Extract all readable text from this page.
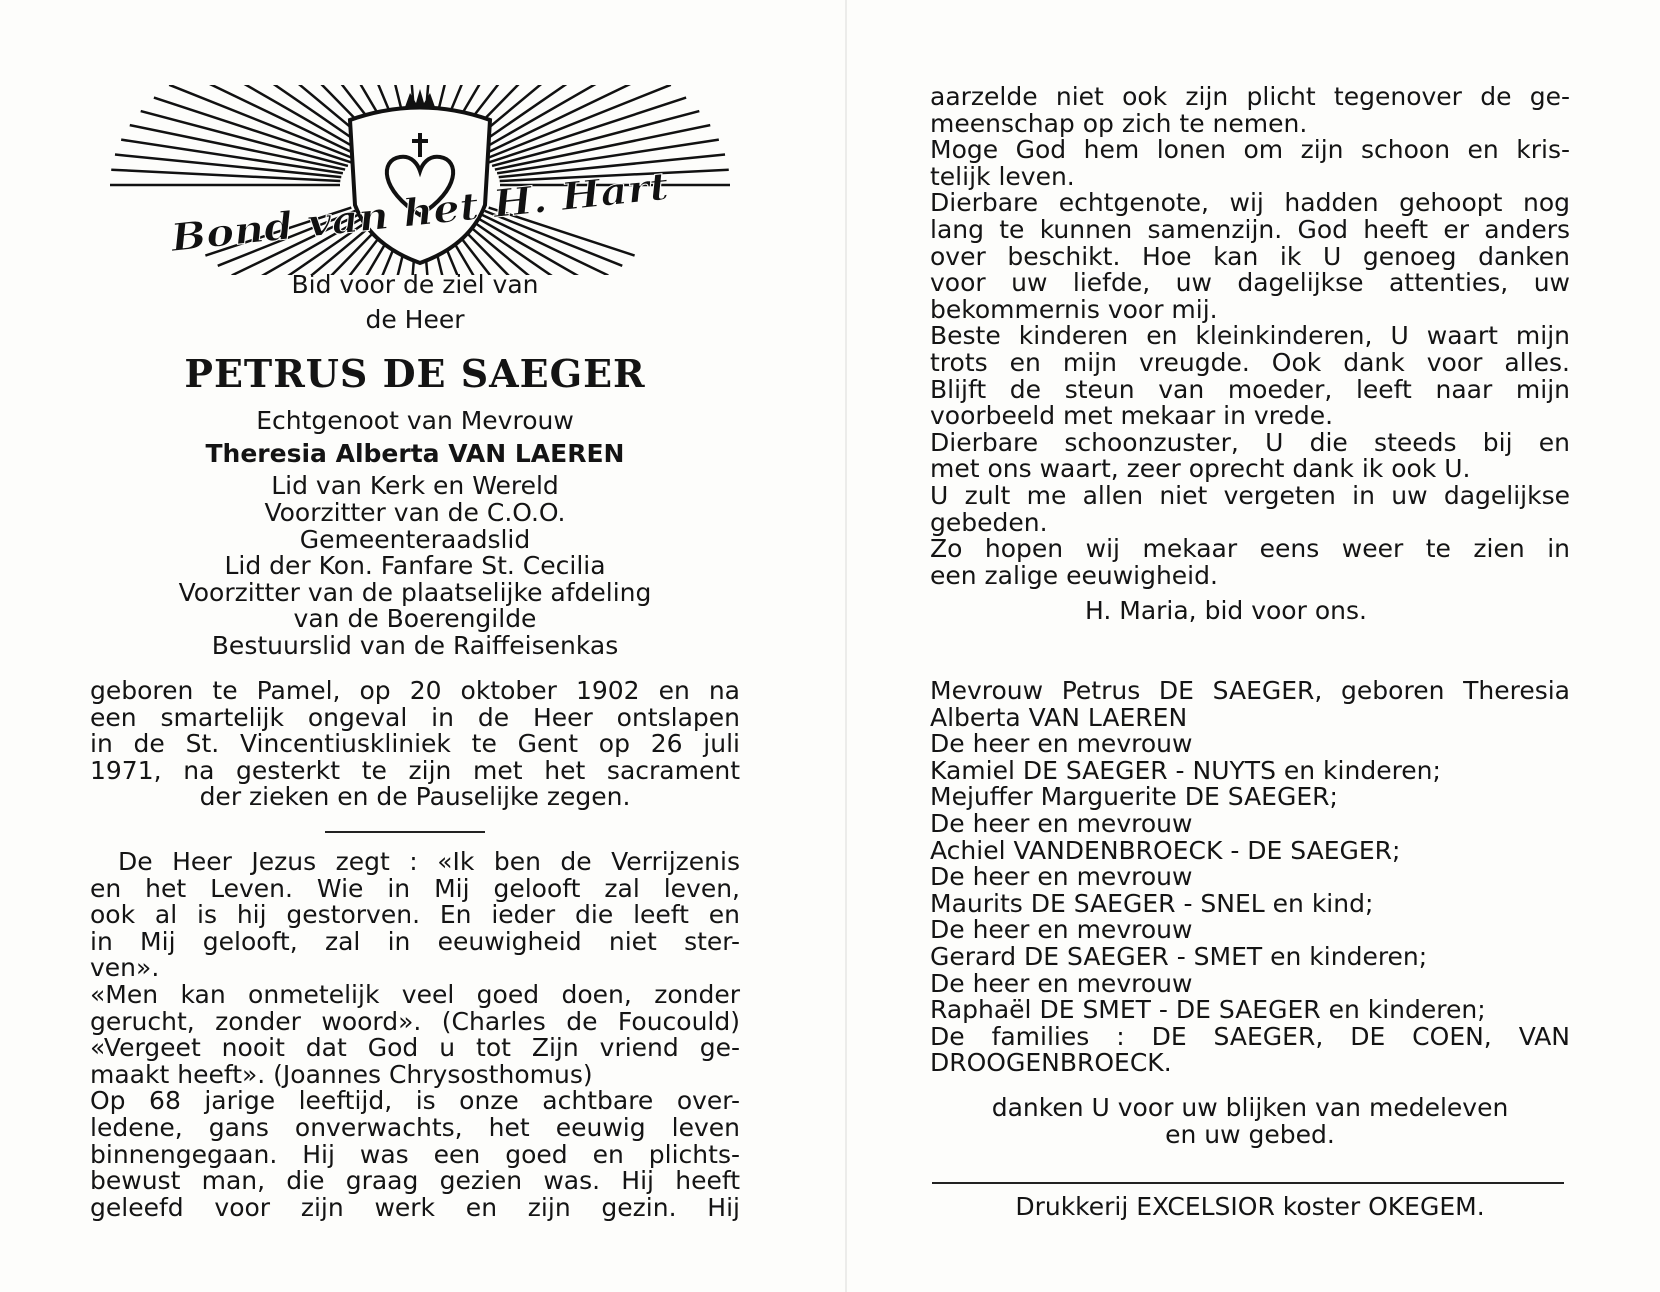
Bond van het H. Hart
Bid voor de ziel van
de Heer
PETRUS DE SAEGER
Echtgenoot van Mevrouw
Theresia Alberta VAN LAEREN
Lid van Kerk en Wereld
Voorzitter van de C.O.O.
Gemeenteraadslid
Lid der Kon. Fanfare St. Cecilia
Voorzitter van de plaatselijke afdeling
van de Boerengilde
Bestuurslid van de Raiffeisenkas
geboren te Pamel, op 20 oktober 1902 en na
een smartelijk ongeval in de Heer ontslapen
in de St. Vincentiuskliniek te Gent op 26 juli
1971, na gesterkt te zijn met het sacrament
der zieken en de Pauselijke zegen.
De Heer Jezus zegt : «Ik ben de Verrijzenis
en het Leven. Wie in Mij gelooft zal leven,
ook al is hij gestorven. En ieder die leeft en
in Mij gelooft, zal in eeuwigheid niet ster-
ven».
«Men kan onmetelijk veel goed doen, zonder
gerucht, zonder woord». (Charles de Foucould)
«Vergeet nooit dat God u tot Zijn vriend ge-
maakt heeft». (Joannes Chrysosthomus)
Op 68 jarige leeftijd, is onze achtbare over-
ledene, gans onverwachts, het eeuwig leven
binnengegaan. Hij was een goed en plichts-
bewust man, die graag gezien was. Hij heeft
geleefd voor zijn werk en zijn gezin. Hij
aarzelde niet ook zijn plicht tegenover de ge-
meenschap op zich te nemen.
Moge God hem lonen om zijn schoon en kris-
telijk leven.
Dierbare echtgenote, wij hadden gehoopt nog
lang te kunnen samenzijn. God heeft er anders
over beschikt. Hoe kan ik U genoeg danken
voor uw liefde, uw dagelijkse attenties, uw
bekommernis voor mij.
Beste kinderen en kleinkinderen, U waart mijn
trots en mijn vreugde. Ook dank voor alles.
Blijft de steun van moeder, leeft naar mijn
voorbeeld met mekaar in vrede.
Dierbare schoonzuster, U die steeds bij en
met ons waart, zeer oprecht dank ik ook U.
U zult me allen niet vergeten in uw dagelijkse
gebeden.
Zo hopen wij mekaar eens weer te zien in
een zalige eeuwigheid.
H. Maria, bid voor ons.
Mevrouw Petrus DE SAEGER, geboren Theresia
Alberta VAN LAEREN
De heer en mevrouw
Kamiel DE SAEGER - NUYTS en kinderen;
Mejuffer Marguerite DE SAEGER;
De heer en mevrouw
Achiel VANDENBROECK - DE SAEGER;
De heer en mevrouw
Maurits DE SAEGER - SNEL en kind;
De heer en mevrouw
Gerard DE SAEGER - SMET en kinderen;
De heer en mevrouw
Raphaël DE SMET - DE SAEGER en kinderen;
De families : DE SAEGER, DE COEN, VAN
DROOGENBROECK.
danken U voor uw blijken van medeleven
en uw gebed.
Drukkerij EXCELSIOR koster OKEGEM.
